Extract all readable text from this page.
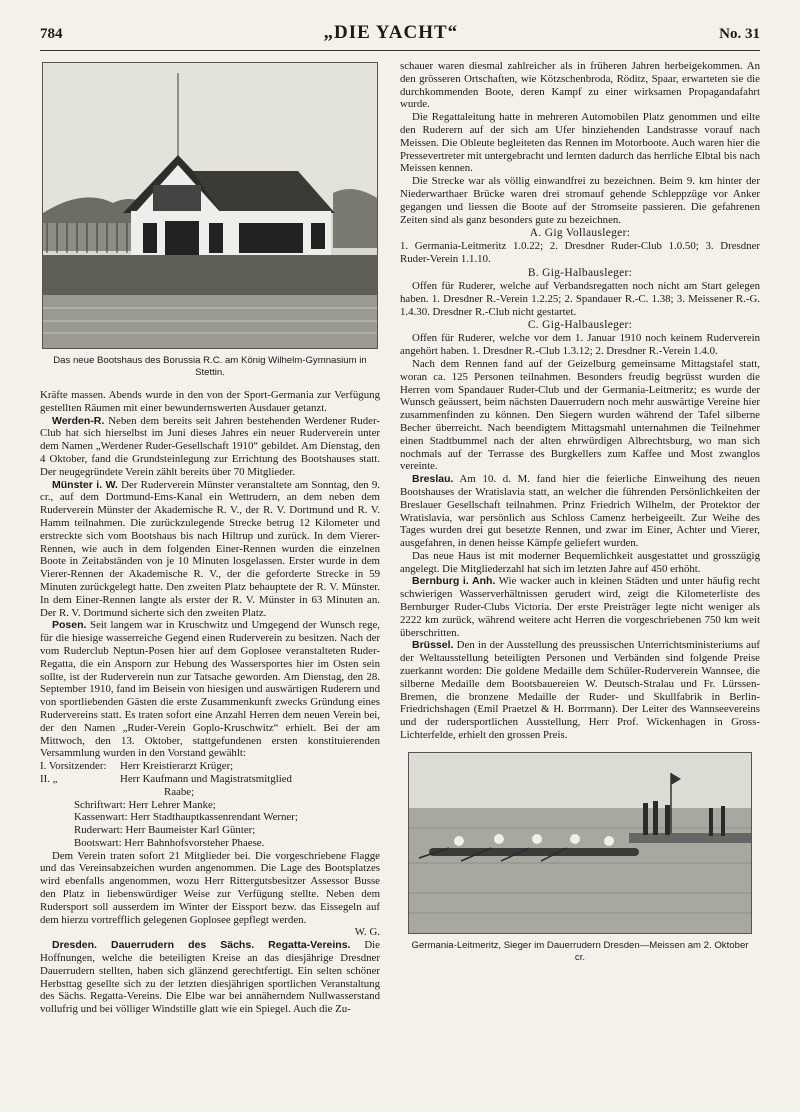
784	„DIE YACHT“	No. 31
Das neue Bootshaus des Borussia R.C. am König Wilhelm-Gymnasium in Stettin.

Kräfte massen. Abends wurde in den von der Sport-Germania zur Verfügung gestellten Räumen mit einer bewundernswerten Ausdauer getanzt.

Werden-R. Neben dem bereits seit Jahren bestehenden Werdener Ruder-Club hat sich hierselbst im Juni dieses Jahres ein neuer Ruderverein unter dem Namen „Werdener Ruder-Gesellschaft 1910“ gebildet. Am Dienstag, den 4 Oktober, fand die Grundsteinlegung zur Errichtung des Bootshauses statt. Der neugegründete Verein zählt bereits über 70 Mitglieder.

Münster i. W. Der Ruderverein Münster veranstaltete am Sonntag, den 9. cr., auf dem Dortmund-Ems-Kanal ein Wettrudern, an dem neben dem Ruderverein Münster der Akademische R. V., der R. V. Dortmund und R. V. Hamm teilnahmen. Die zurückzulegende Strecke betrug 12 Kilometer und erstreckte sich vom Bootshaus bis nach Hiltrup und zurück. In dem Vierer-Rennen, wie auch in dem folgenden Einer-Rennen wurden die einzelnen Boote in Zeitabständen von je 10 Minuten losgelassen. Erster wurde in dem Vierer-Rennen der Akademische R. V., der die geforderte Strecke in 59 Minuten zurückgelegt hatte. Den zweiten Platz behauptete der R. V. Münster. In dem Einer-Rennen langte als erster der R. V. Münster in 63 Minuten an. Der R. V. Dortmund sicherte sich den zweiten Platz.

Posen. Seit langem war in Kruschwitz und Umgegend der Wunsch rege, für die hiesige wasserreiche Gegend einen Ruderverein zu besitzen. Nach der vom Ruderclub Neptun-Posen hier auf dem Goplosee veranstalteten Ruder-Regatta, die ein Ansporn zur Hebung des Wassersportes hier im Osten sein sollte, ist der Ruderverein nun zur Tatsache geworden. Am Dienstag, den 28. September 1910, fand im Beisein von hiesigen und auswärtigen Ruderern und von sportliebenden Gästen die erste Zusammenkunft zwecks Gründung eines Rudervereins statt. Es traten sofort eine Anzahl Herren dem neuen Verein bei, der den Namen „Ruder-Verein Goplo-Kruschwitz“ erhielt. Bei der am Mittwoch, den 13. Oktober, stattgefundenen ersten konstituierenden Versammlung wurden in den Vorstand gewählt:

I. Vorsitzender:	Herr Kreistierarzt Krüger;
II. „	Herr Kaufmann und Magistratsmitglied
Raabe;
Schriftwart: Herr Lehrer Manke;
Kassenwart: Herr Stadthauptkassenrendant Werner;
Ruderwart: Herr Baumeister Karl Günter;
Bootswart: Herr Bahnhofsvorsteher Phaese.

Dem Verein traten sofort 21 Mitglieder bei. Die vorgeschriebene Flagge und das Vereinsabzeichen wurden angenommen. Die Lage des Bootsplatzes wird ebenfalls angenommen, wozu Herr Rittergutsbesitzer Assessor Busse den Platz in liebenswürdiger Weise zur Verfügung stellte. Neben dem Rudersport soll ausserdem im Winter der Eissport bezw. das Eissegeln auf dem hierzu vortrefflich gelegenen Goplosee gepflegt werden.

W. G.

Dresden. Dauerrudern des Sächs. Regatta-Vereins. Die Hoffnungen, welche die beteiligten Kreise an das diesjährige Dresdner Dauerrudern stellten, haben sich glänzend gerechtfertigt. Ein selten schöner Herbsttag gesellte sich zu der letzten diesjährigen sportlichen Veranstaltung des Sächs. Regatta-Vereins. Die Elbe war bei annäherndem Nullwasserstand vollufrig und bei völliger Windstille glatt wie ein Spiegel. Auch die Zu-

schauer waren diesmal zahlreicher als in früheren Jahren herbeigekommen. An den grösseren Ortschaften, wie Kötzschenbroda, Röditz, Spaar, erwarteten sie die durchkommenden Boote, deren Kampf zu einer wirksamen Propagandafahrt wurde.

Die Regattaleitung hatte in mehreren Automobilen Platz genommen und eilte den Ruderern auf der sich am Ufer hinziehenden Landstrasse vorauf nach Meissen. Die Obleute begleiteten das Rennen im Motorboote. Auch waren hier die Pressevertreter mit untergebracht und lernten dadurch das herrliche Elbtal bis nach Meissen kennen.

Die Strecke war als völlig einwandfrei zu bezeichnen. Beim 9. km hinter der Niederwarthaer Brücke waren drei stromauf gehende Schleppzüge vor Anker gegangen und liessen die Boote auf der Stromseite passieren. Die gefahrenen Zeiten sind als ganz besonders gute zu bezeichnen.

A. Gig Vollausleger:

1. Germania-Leitmeritz 1.0.22; 2. Dresdner Ruder-Club 1.0.50; 3. Dresdner Ruder-Verein 1.1.10.

B. Gig-Halbausleger:

Offen für Ruderer, welche auf Verbandsregatten noch nicht am Start gelegen haben. 1. Dresdner R.-Verein 1.2.25; 2. Spandauer R.-C. 1.38; 3. Meissener R.-G. 1.4.30. Dresdner R.-Club nicht gestartet.

C. Gig-Halbausleger:

Offen für Ruderer, welche vor dem 1. Januar 1910 noch keinem Ruderverein angehört haben. 1. Dresdner R.-Club 1.3.12; 2. Dresdner R.-Verein 1.4.0.

Nach dem Rennen fand auf der Geizelburg gemeinsame Mittagstafel statt, woran ca. 125 Personen teilnahmen. Besonders freudig begrüsst wurden die Herren vom Spandauer Ruder-Club und der Germania-Leitmeritz; es wurde der Wunsch geäussert, beim nächsten Dauerrudern noch mehr auswärtige Vereine hier zusammenfinden zu können. Den Siegern wurden während der Tafel silberne Becher überreicht. Nach beendigtem Mittagsmahl unternahmen die Teilnehmer einen Stadtbummel nach der alten ehrwürdigen Albrechtsburg, wo man sich nochmals auf der Terrasse des Burgkellers zum Kaffee und Most zwanglos vereinte.

Breslau. Am 10. d. M. fand hier die feierliche Einweihung des neuen Bootshauses der Wratislavia statt, an welcher die führenden Persönlichkeiten der Breslauer Gesellschaft teilnahmen. Prinz Friedrich Wilhelm, der Protektor der Wratislavia, war persönlich aus Schloss Camenz herbeigeeilt. Zur Weihe des Tages wurden drei gut besetzte Rennen, und zwar im Einer, Achter und Vierer, ausgefahren, in denen heisse Kämpfe geliefert wurden.

Das neue Haus ist mit moderner Bequemlichkeit ausgestattet und grosszügig angelegt. Die Mitgliederzahl hat sich im letzten Jahre auf 450 erhöht.

Bernburg i. Anh. Wie wacker auch in kleinen Städten und unter häufig recht schwierigen Wasserverhältnissen gerudert wird, zeigt die Kilometerliste des Bernburger Ruder-Clubs Victoria. Der erste Preisträger legte nicht weniger als 2222 km zurück, während weitere acht Herren die vorgeschriebenen 750 km weit überschritten.

Brüssel. Den in der Ausstellung des preussischen Unterrichtsministeriums auf der Weltausstellung beteiligten Personen und Verbänden sind folgende Preise zuerkannt worden: Die goldene Medaille dem Schüler-Ruderverein Wannsee, die silberne Medaille dem Bootsbauereien W. Deutsch-Stralau und Fr. Lürssen-Bremen, die bronzene Medaille der Ruder- und Skullfabrik in Berlin-Friedrichshagen (Emil Praetzel & H. Borrmann). Der Leiter des Wannseevereins und der rudersportlichen Ausstellung, Herr Prof. Wickenhagen in Gross-Lichterfelde, erhielt den grossen Preis.

Germania-Leitmeritz, Sieger im Dauerrudern Dresden—Meissen am 2. Oktober cr.
